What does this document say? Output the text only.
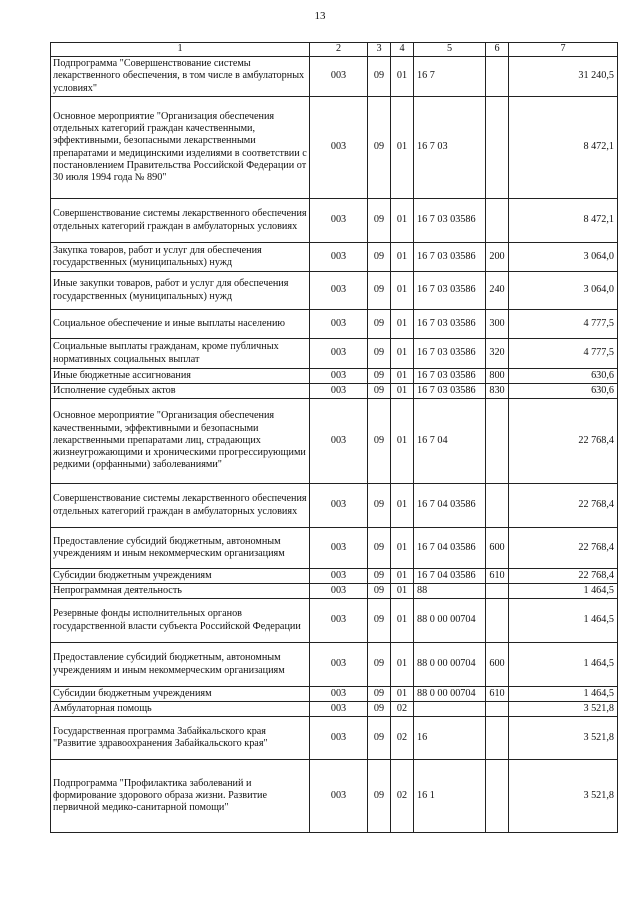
13
1	2	3	4	5	6	7
Подпрограмма "Совершенствование системы лекарственного обеспечения, в том числе в амбулаторных условиях"	003	09	01	16 7		31 240,5
Основное мероприятие "Организация обеспечения отдельных категорий граждан качественными, эффективными, безопасными лекарственными препаратами и медицинскими изделиями в соответствии с постановлением Правительства Российской Федерации от 30 июля 1994 года № 890"	003	09	01	16 7 03		8 472,1
Совершенствование системы лекарственного обеспечения отдельных категорий граждан в амбулаторных условиях	003	09	01	16 7 03 03586		8 472,1
Закупка товаров, работ и услуг для обеспечения государственных (муниципальных) нужд	003	09	01	16 7 03 03586	200	3 064,0
Иные закупки товаров, работ и услуг для обеспечения государственных (муниципальных) нужд	003	09	01	16 7 03 03586	240	3 064,0
Социальное обеспечение и иные выплаты населению	003	09	01	16 7 03 03586	300	4 777,5
Социальные выплаты гражданам, кроме публичных нормативных социальных выплат	003	09	01	16 7 03 03586	320	4 777,5
Иные бюджетные ассигнования	003	09	01	16 7 03 03586	800	630,6
Исполнение судебных актов	003	09	01	16 7 03 03586	830	630,6
Основное мероприятие "Организация обеспечения качественными, эффективными и безопасными лекарственными препаратами лиц, страдающих жизнеугрожающими и хроническими прогрессирующими редкими (орфанными) заболеваниями"	003	09	01	16 7 04		22 768,4
Совершенствование системы лекарственного обеспечения отдельных категорий граждан в амбулаторных условиях	003	09	01	16 7 04 03586		22 768,4
Предоставление субсидий бюджетным, автономным учреждениям и иным некоммерческим организациям	003	09	01	16 7 04 03586	600	22 768,4
Субсидии бюджетным учреждениям	003	09	01	16 7 04 03586	610	22 768,4
Непрограммная деятельность	003	09	01	88		1 464,5
Резервные фонды исполнительных органов государственной власти субъекта Российской Федерации	003	09	01	88 0 00 00704		1 464,5
Предоставление субсидий бюджетным, автономным учреждениям и иным некоммерческим организациям	003	09	01	88 0 00 00704	600	1 464,5
Субсидии бюджетным учреждениям	003	09	01	88 0 00 00704	610	1 464,5
Амбулаторная помощь	003	09	02			3 521,8
Государственная программа Забайкальского края "Развитие здравоохранения Забайкальского края"	003	09	02	16		3 521,8
Подпрограмма "Профилактика заболеваний и формирование здорового образа жизни. Развитие первичной медико-санитарной помощи"	003	09	02	16 1		3 521,8
